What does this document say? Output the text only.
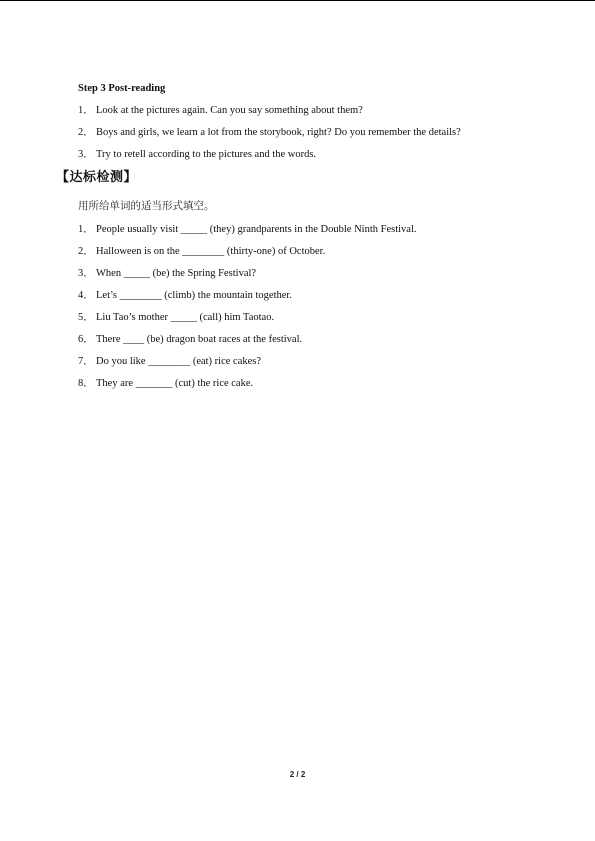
Step 3 Post-reading
1． Look at the pictures again. Can you say something about them?
2． Boys and girls, we learn a lot from the storybook, right? Do you remember the details?
3． Try to retell according to the pictures and the words.
【达标检测】
用所给单词的适当形式填空。
1． People usually visit _____ (they) grandparents in the Double Ninth Festival.
2． Halloween is on the ________ (thirty-one) of October.
3． When _____ (be) the Spring Festival?
4． Let’s ________ (climb) the mountain together.
5． Liu Tao’s mother _____ (call) him Taotao.
6． There ____ (be) dragon boat races at the festival.
7． Do you like ________ (eat) rice cakes?
8． They are _______ (cut) the rice cake.
2 / 2
